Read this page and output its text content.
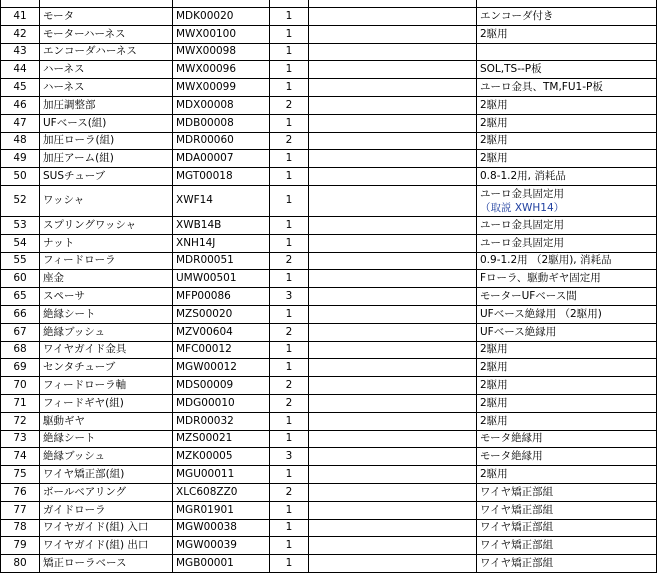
41	モータ	MDK00020	1		エンコーダ付き
42	モーターハーネス	MWX00100	1		2駆用
43	エンコーダハーネス	MWX00098	1		
44	ハーネス	MWX00096	1		SOL,TS--P板
45	ハーネス	MWX00099	1		ユーロ金具、TM,FU1-P板
46	加圧調整部	MDX00008	2		2駆用
47	UFベース(組)	MDB00008	1		2駆用
48	加圧ローラ(組)	MDR00060	2		2駆用
49	加圧アーム(組)	MDA00007	1		2駆用
50	SUSチューブ	MGT00018	1		0.8-1.2用, 消耗品
52	ワッシャ	XWF14	1		ユーロ金具固定用
（取説 XWH14）

53	スプリングワッシャ	XWB14B	1		ユーロ金具固定用
54	ナット	XNH14J	1		ユーロ金具固定用
55	フィードローラ	MDR00051	2		0.9-1.2用 （2駆用), 消耗品
60	座金	UMW00501	1		Fローラ、駆動ギヤ固定用
65	スペーサ	MFP00086	3		モーターUFベース間
66	絶縁シート	MZS00020	1		UFベース絶縁用 （2駆用)
67	絶縁ブッシュ	MZV00604	2		UFベース絶縁用
68	ワイヤガイド金具	MFC00012	1		2駆用
69	センタチューブ	MGW00012	1		2駆用
70	フィードローラ軸	MDS00009	2		2駆用
71	フィードギヤ(組)	MDG00010	2		2駆用
72	駆動ギヤ	MDR00032	1		2駆用
73	絶縁シート	MZS00021	1		モータ絶縁用
74	絶縁ブッシュ	MZK00005	3		モータ絶縁用
75	ワイヤ矯正部(組)	MGU00011	1		2駆用
76	ボールベアリング	XLC608ZZ0	2		ワイヤ矯正部組
77	ガイドローラ	MGR01901	1		ワイヤ矯正部組
78	ワイヤガイド(組) 入口	MGW00038	1		ワイヤ矯正部組
79	ワイヤガイド(組) 出口	MGW00039	1		ワイヤ矯正部組
80	矯正ローラベース	MGB00001	1		ワイヤ矯正部組
